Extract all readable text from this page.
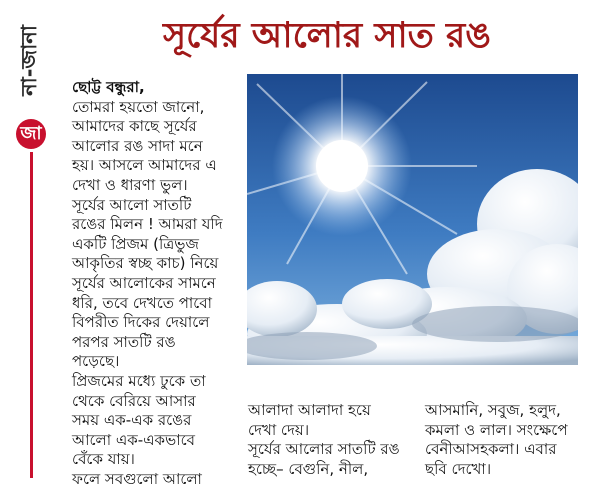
না-জানা
জা
সূর্যের আলোর সাত রঙ

ছোট্ট বন্ধুরা,

তোমরা হয়তো জানো,

আমাদের কাছে সূর্যের

আলোর রঙ সাদা মনে

হয়। আসলে আমাদের এ

দেখা ও ধারণা ভুল।

সূর্যের আলো সাতটি

রঙের মিলন ! আমরা যদি

একটি প্রিজম (ত্রিভুজ

আকৃতির স্বচ্ছ কাচ) নিয়ে

সূর্যের আলোকের সামনে

ধরি, তবে দেখতে পাবো

বিপরীত দিকের দেয়ালে

পরপর সাতটি রঙ

পড়েছে।

প্রিজমের মধ্যে ঢুকে তা

থেকে বেরিয়ে আসার

সময় এক-এক রঙের

আলো এক-একভাবে

বেঁকে যায়।

ফলে সবগুলো আলো

আলাদা আলাদা হয়ে

দেখা দেয়।

সূর্যের আলোর সাতটি রঙ

হচ্ছে– বেগুনি, নীল,

আসমানি, সবুজ, হলুদ,

কমলা ও লাল। সংক্ষেপে

বেনীআসহকলা। এবার

ছবি দেখো।
